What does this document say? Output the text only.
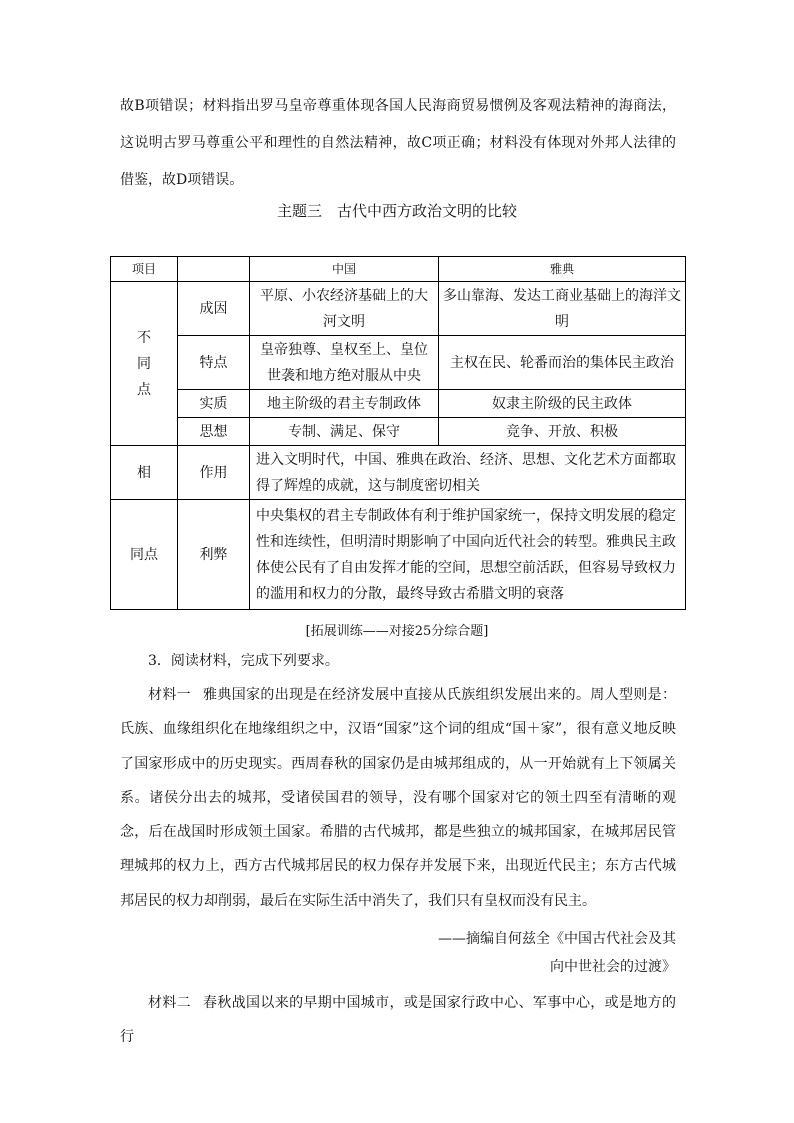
故B项错误；材料指出罗马皇帝尊重体现各国人民海商贸易惯例及客观法精神的海商法，这说明古罗马尊重公平和理性的自然法精神，故C项正确；材料没有体现对外邦人法律的借鉴，故D项错误。

主题三　古代中西方政治文明的比较

项目		中国	雅典

不
同
点	成因	平原、小农经济基础上的大河文明	多山靠海、发达工商业基础上的海洋文明
	特点	皇帝独尊、皇权至上、皇位世袭和地方绝对服从中央	主权在民、轮番而治的集体民主政治
	实质	地主阶级的君主专制政体	奴隶主阶级的民主政体
	思想	专制、满足、保守	竞争、开放、积极
相	作用	进入文明时代，中国、雅典在政治、经济、思想、文化艺术方面都取得了辉煌的成就，这与制度密切相关	
同点	利弊	中央集权的君主专制政体有利于维护国家统一，保持文明发展的稳定性和连续性，但明清时期影响了中国向近代社会的转型。雅典民主政体使公民有了自由发挥才能的空间，思想空前活跃，但容易导致权力的滥用和权力的分散，最终导致古希腊文明的衰落	

[拓展训练——对接25分综合题]

3．阅读材料，完成下列要求。

材料一 雅典国家的出现是在经济发展中直接从氏族组织发展出来的。周人型则是：氏族、血缘组织化在地缘组织之中，汉语“国家”这个词的组成“国＋家”，很有意义地反映了国家形成中的历史现实。西周春秋的国家仍是由城邦组成的，从一开始就有上下领属关系。诸侯分出去的城邦，受诸侯国君的领导，没有哪个国家对它的领土四至有清晰的观念，后在战国时形成领土国家。希腊的古代城邦，都是些独立的城邦国家，在城邦居民管理城邦的权力上，西方古代城邦居民的权力保存并发展下来，出现近代民主；东方古代城邦居民的权力却削弱，最后在实际生活中消失了，我们只有皇权而没有民主。

——摘编自何兹全《中国古代社会及其

向中世社会的过渡》

材料二 春秋战国以来的早期中国城市，或是国家行政中心、军事中心，或是地方的行
